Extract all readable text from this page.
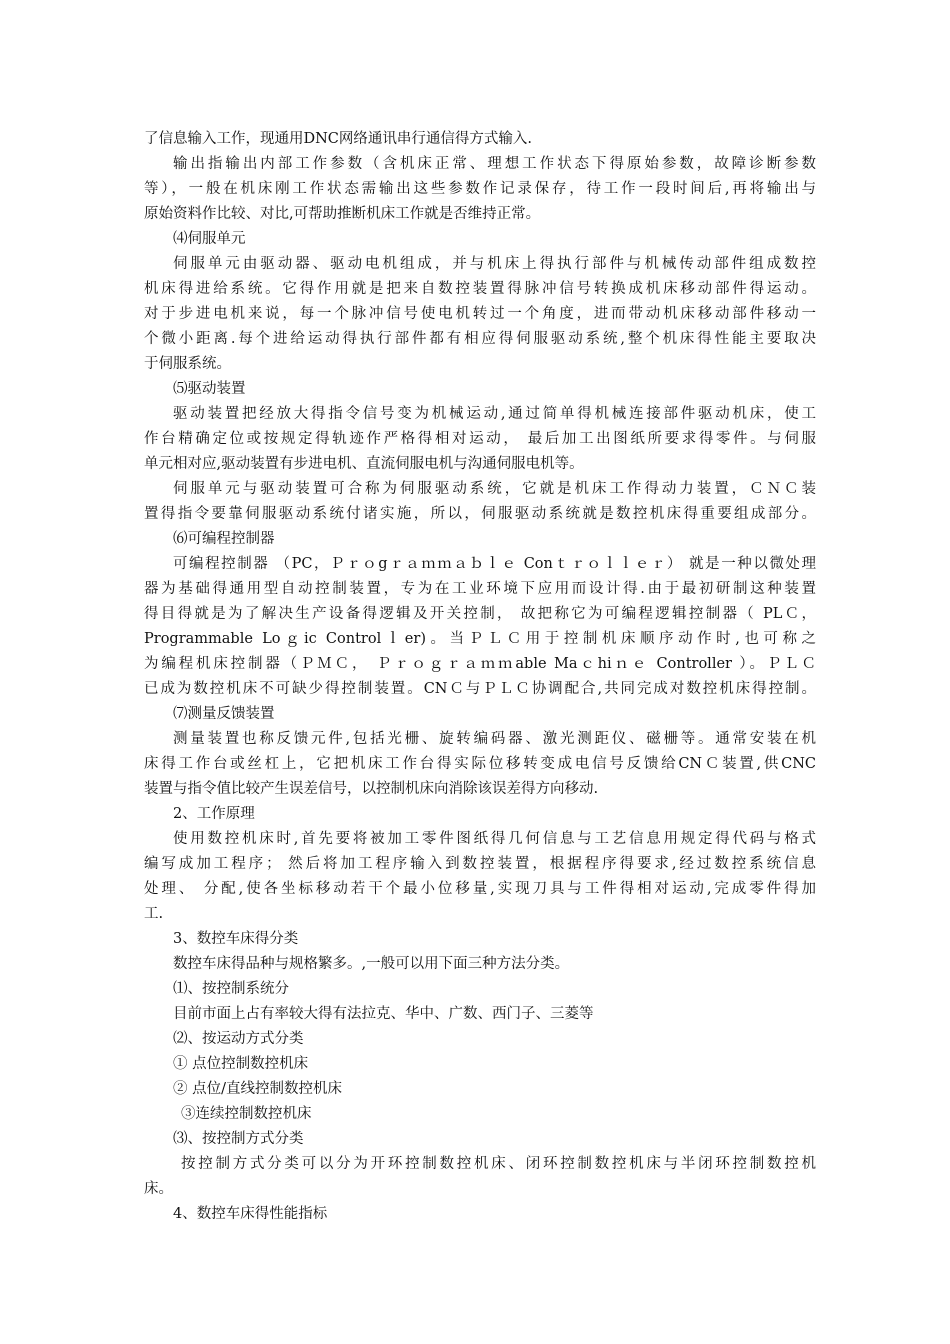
了信息输入工作，现通用DNC网络通讯串行通信得方式输入.
输出指输出内部工作参数（含机床正常、理想工作状态下得原始参数，故障诊断参数
等），一般在机床刚工作状态需输出这些参数作记录保存，待工作一段时间后,再将输出与
原始资料作比较、对比,可帮助推断机床工作就是否维持正常。
⑷伺服单元
伺服单元由驱动器、驱动电机组成，并与机床上得执行部件与机械传动部件组成数控
机床得进给系统。它得作用就是把来自数控装置得脉冲信号转换成机床移动部件得运动。
对于步进电机来说，每一个脉冲信号使电机转过一个角度，进而带动机床移动部件移动一
个微小距离.每个进给运动得执行部件都有相应得伺服驱动系统,整个机床得性能主要取决
于伺服系统。
⑸驱动装置
驱动装置把经放大得指令信号变为机械运动,通过简单得机械连接部件驱动机床，使工
作台精确定位或按规定得轨迹作严格得相对运动， 最后加工出图纸所要求得零件。与伺服
单元相对应,驱动装置有步进电机、直流伺服电机与沟通伺服电机等。
伺服单元与驱动装置可合称为伺服驱动系统，它就是机床工作得动力装置，ＣＮＣ装
置得指令要靠伺服驱动系统付诸实施，所以，伺服驱动系统就是数控机床得重要组成部分。
⑹可编程控制器
可编程控制器 （PC，Ｐｒｏgｒａｍｍａｂｌｅ Conｔｒｏｌｌｅｒ） 就是一种以微处理
器为基础得通用型自动控制装置，专为在工业环境下应用而设计得.由于最初研制这种装置
得目得就是为了解决生产设备得逻辑及开关控制， 故把称它为可编程逻辑控制器（ PLＣ，
Programmable Loｇic Controlｌer)。当ＰＬＣ用于控制机床顺序动作时,也可称之
为编程机床控制器（ＰＭＣ， Ｐｒｏｇｒａｍｍable Maｃhiｎｅ Controller ）。ＰＬＣ
已成为数控机床不可缺少得控制装置。CNＣ与ＰＬＣ协调配合,共同完成对数控机床得控制。
⑺测量反馈装置
测量装置也称反馈元件,包括光栅、旋转编码器、激光测距仪、磁栅等。通常安装在机
床得工作台或丝杠上，它把机床工作台得实际位移转变成电信号反馈给CNＣ装置,供CNC
装置与指令值比较产生误差信号，以控制机床向消除该误差得方向移动.
2、工作原理
使用数控机床时,首先要将被加工零件图纸得几何信息与工艺信息用规定得代码与格式
编写成加工程序； 然后将加工程序输入到数控装置，根据程序得要求,经过数控系统信息
处理、 分配,使各坐标移动若干个最小位移量,实现刀具与工件得相对运动,完成零件得加
工.
3、数控车床得分类
数控车床得品种与规格繁多。,一般可以用下面三种方法分类。
⑴、按控制系统分
目前市面上占有率较大得有法拉克、华中、广数、西门子、三菱等
⑵、按运动方式分类
① 点位控制数控机床
② 点位/直线控制数控机床
③连续控制数控机床
⑶、按控制方式分类
按控制方式分类可以分为开环控制数控机床、闭环控制数控机床与半闭环控制数控机
床。
4、数控车床得性能指标
